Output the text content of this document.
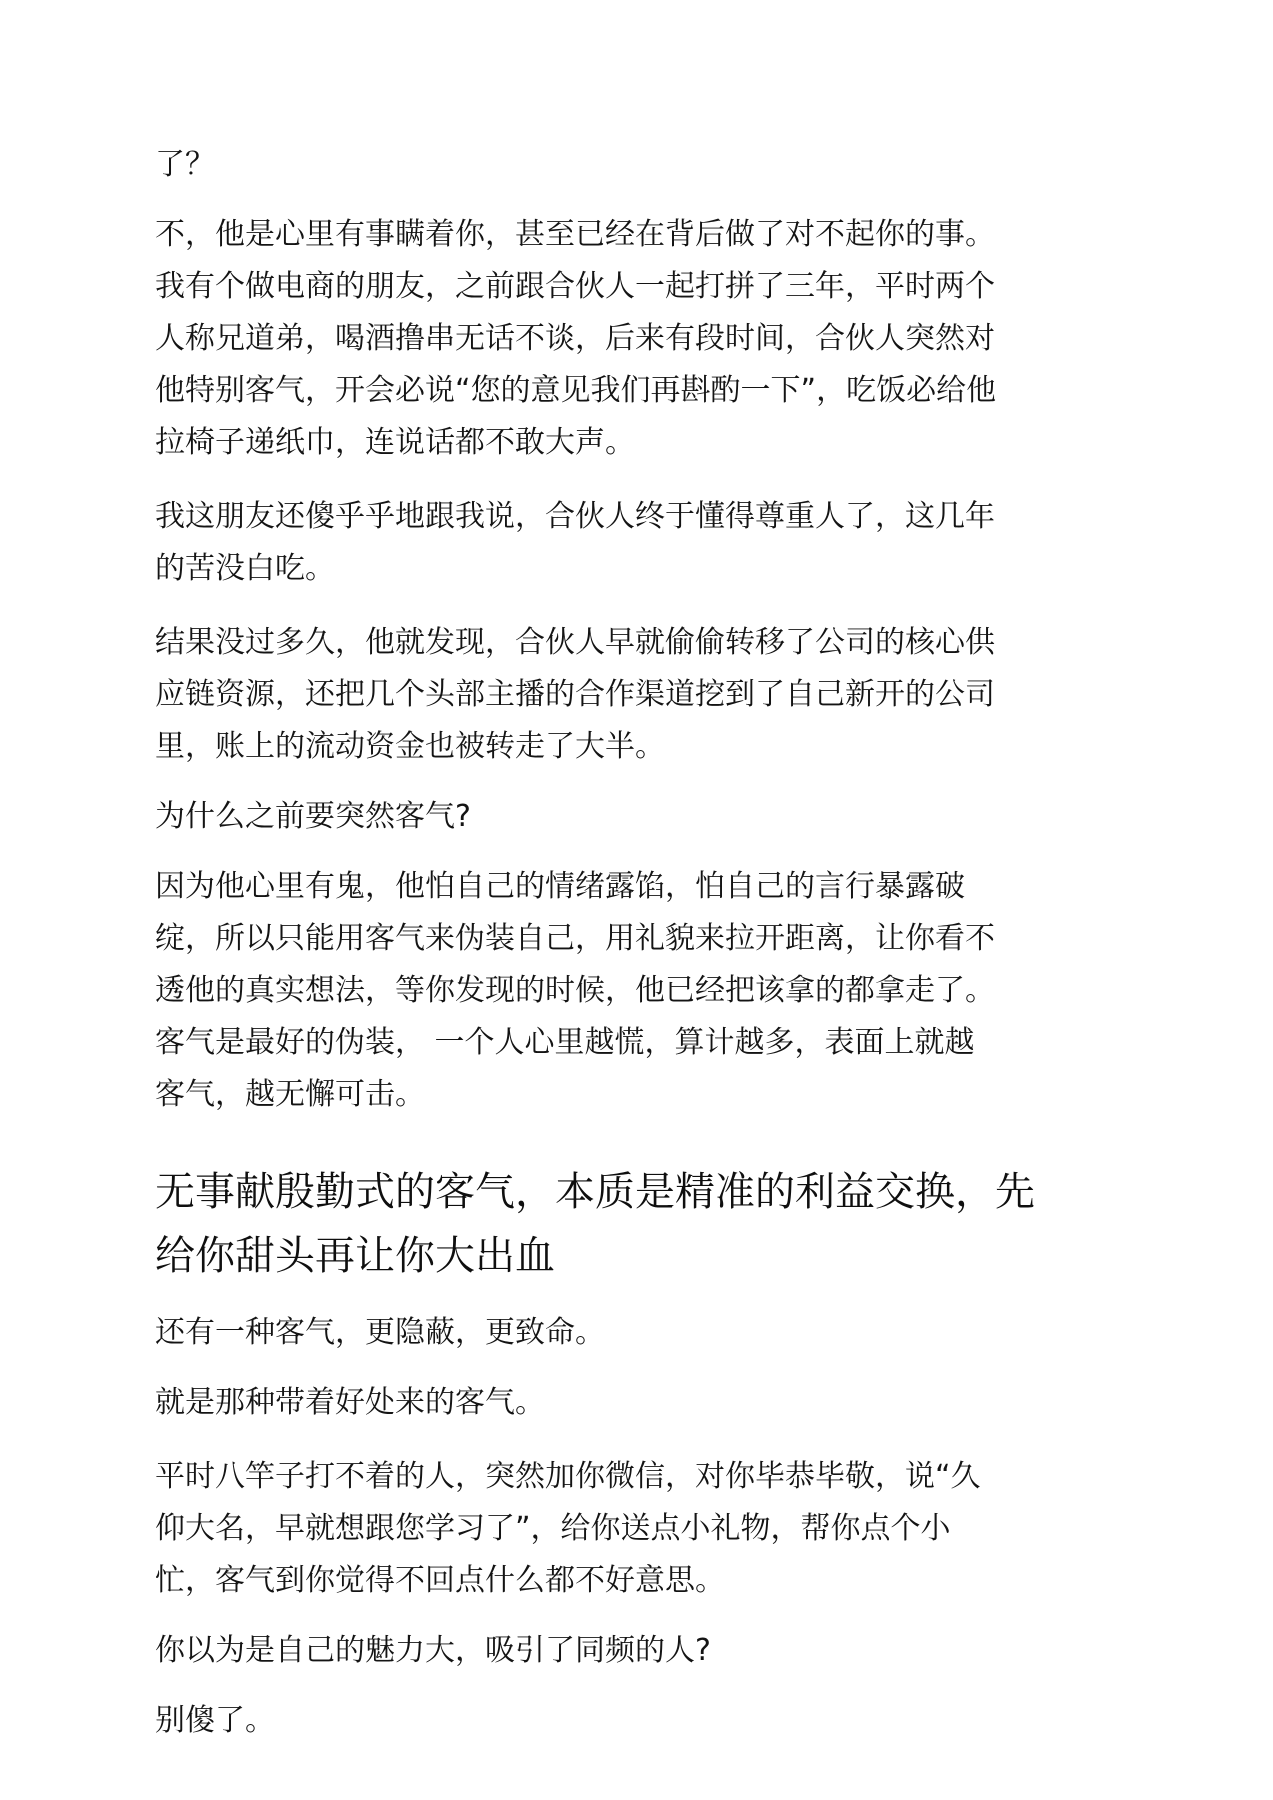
了？
不，他是心里有事瞒着你，甚至已经在背后做了对不起你的事。
我有个做电商的朋友，之前跟合伙人一起打拼了三年，平时两个
人称兄道弟，喝酒撸串无话不谈，后来有段时间，合伙人突然对
他特别客气，开会必说“您的意见我们再斟酌一下”，吃饭必给他
拉椅子递纸巾，连说话都不敢大声。
我这朋友还傻乎乎地跟我说，合伙人终于懂得尊重人了，这几年
的苦没白吃。
结果没过多久，他就发现，合伙人早就偷偷转移了公司的核心供
应链资源，还把几个头部主播的合作渠道挖到了自己新开的公司
里，账上的流动资金也被转走了大半。
为什么之前要突然客气?
因为他心里有鬼，他怕自己的情绪露馅，怕自己的言行暴露破
绽，所以只能用客气来伪装自己，用礼貌来拉开距离，让你看不
透他的真实想法，等你发现的时候，他已经把该拿的都拿走了。
客气是最好的伪装， 一个人心里越慌，算计越多，表面上就越
客气，越无懈可击。
无事献殷勤式的客气，本质是精准的利益交换，先
给你甜头再让你大出血
还有一种客气，更隐蔽，更致命。
就是那种带着好处来的客气。
平时八竿子打不着的人，突然加你微信，对你毕恭毕敬，说“久
仰大名，早就想跟您学习了”，给你送点小礼物，帮你点个小
忙，客气到你觉得不回点什么都不好意思。
你以为是自己的魅力大，吸引了同频的人?
别傻了。
